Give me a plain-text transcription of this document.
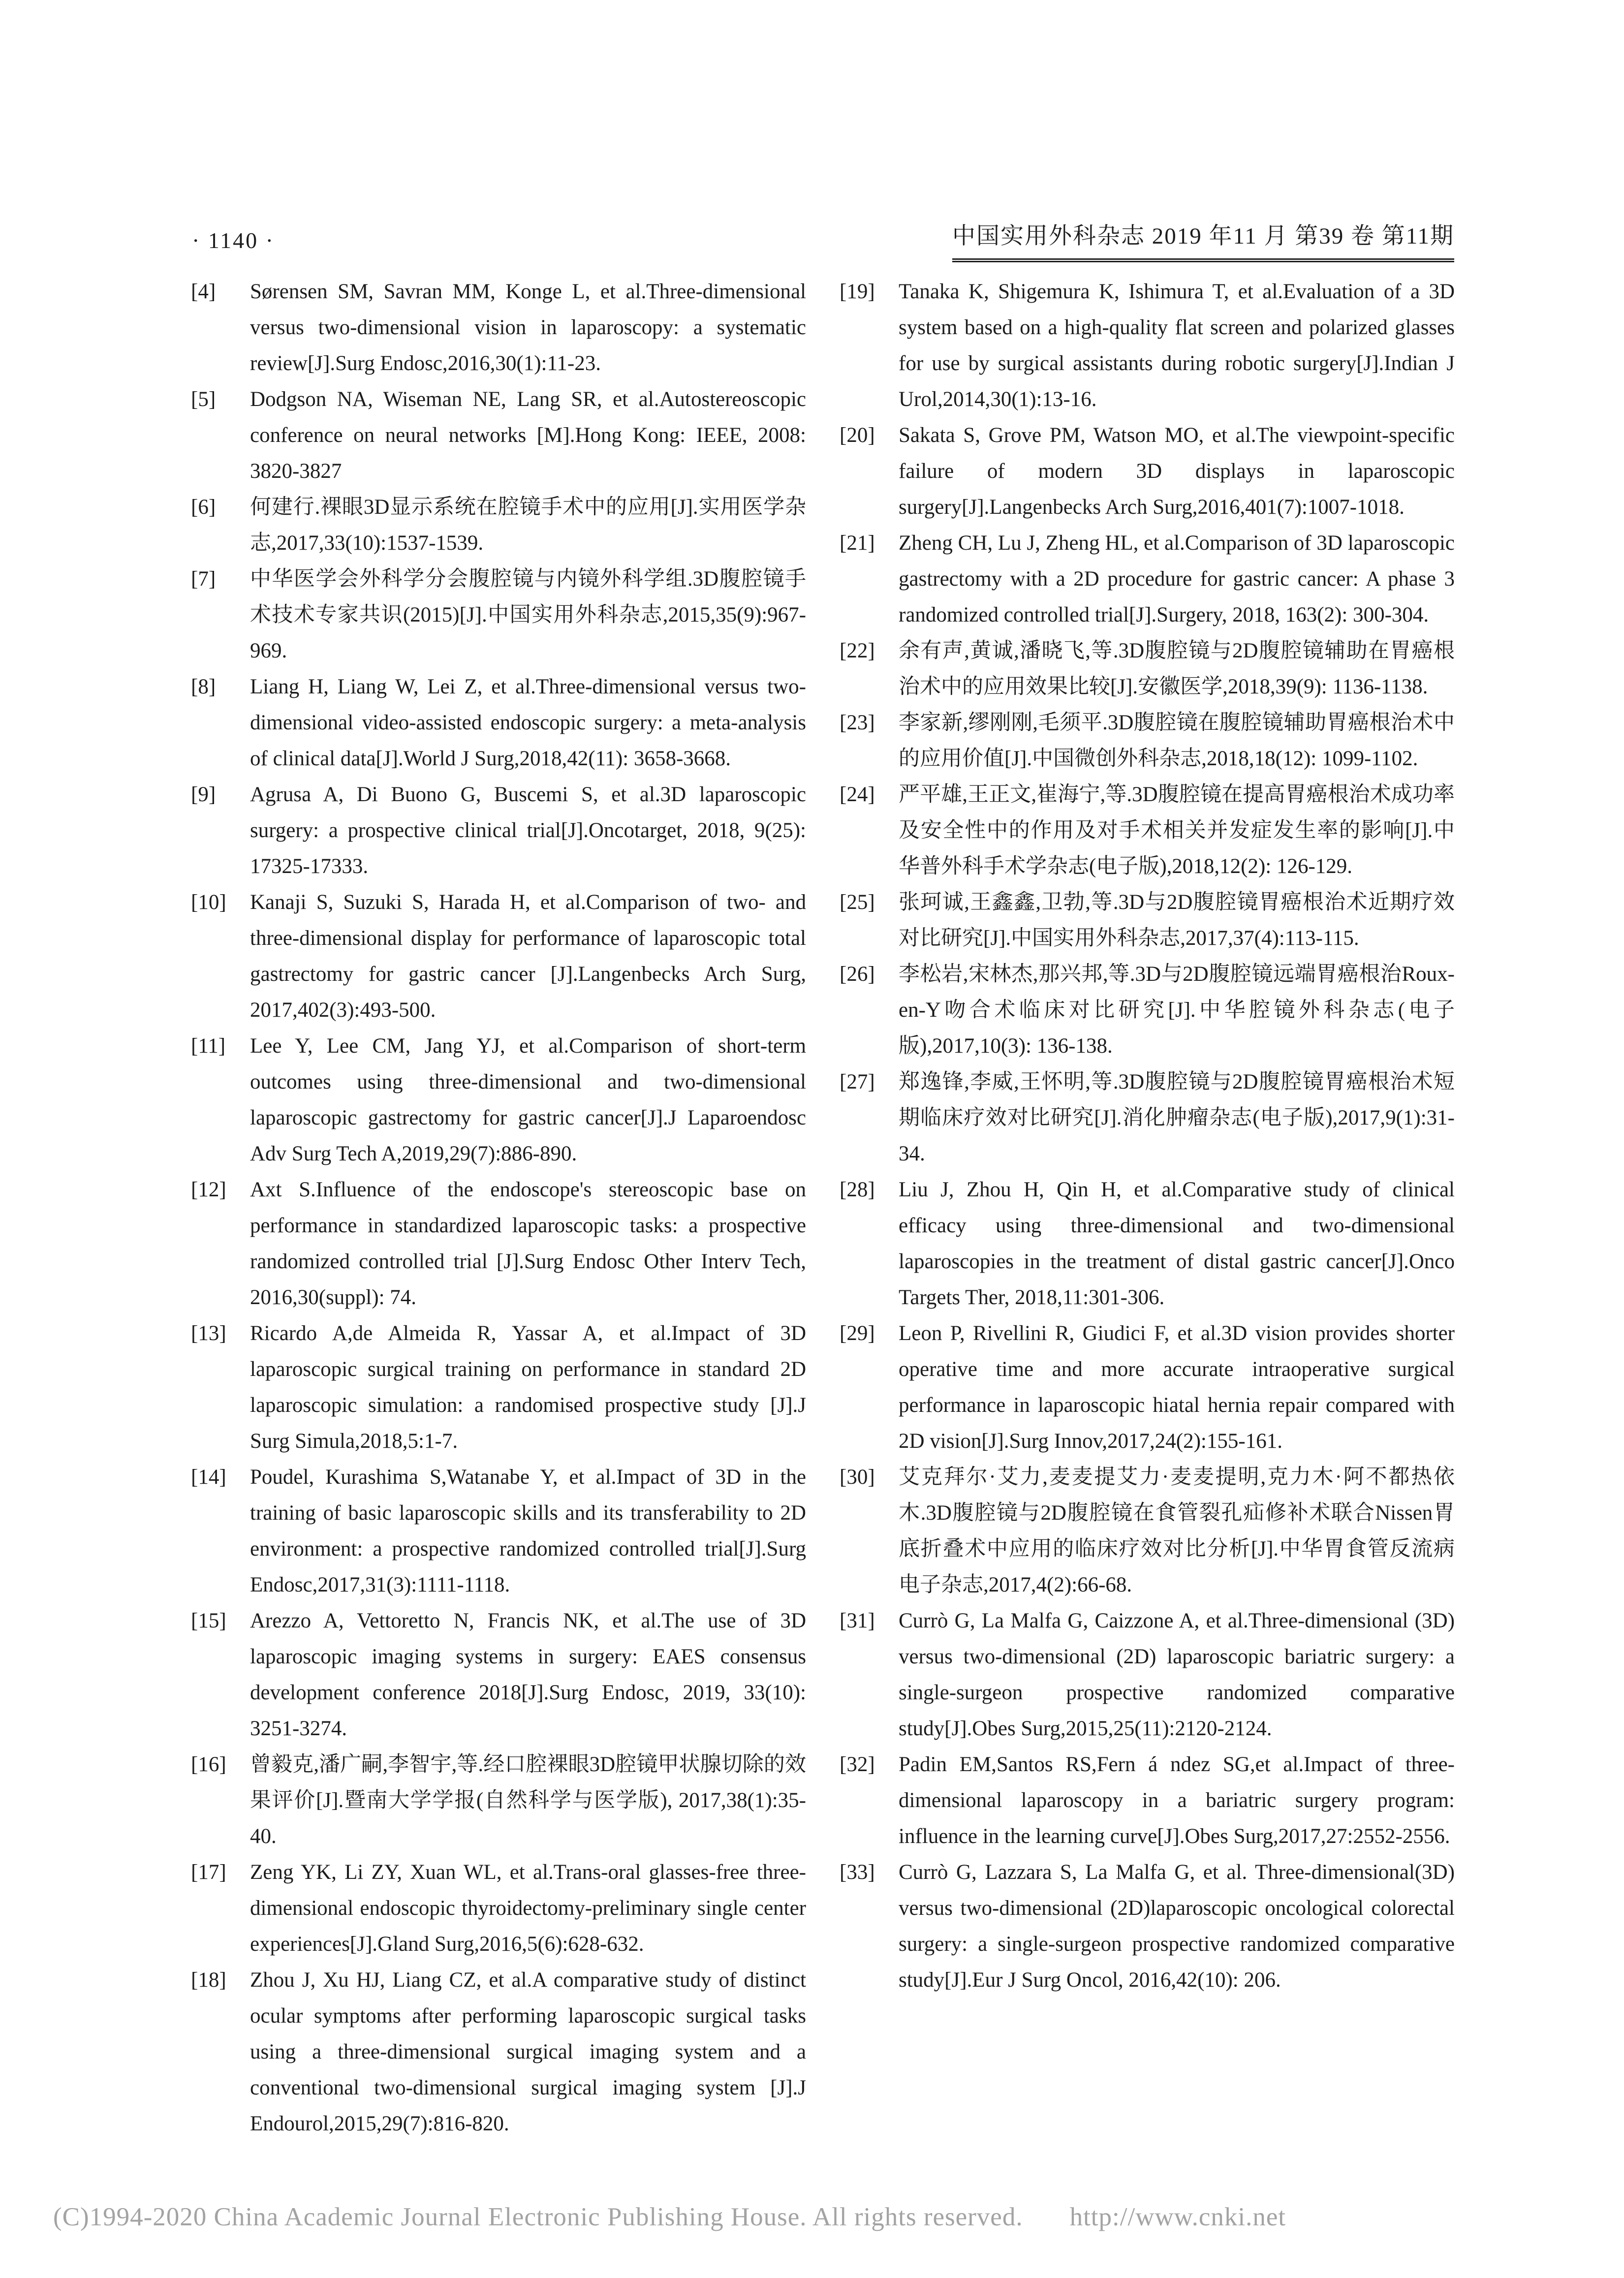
· 1140 ·	中国实用外科杂志 2019 年11 月 第39 卷 第11期
[4]	Sørensen SM, Savran MM, Konge L, et al.Three-dimensional versus two-dimensional vision in laparoscopy: a systematic review[J].Surg Endosc,2016,30(1):11-23.
[5]	Dodgson NA, Wiseman NE, Lang SR, et al.Autostereoscopic conference on neural networks [M].Hong Kong: IEEE, 2008: 3820-3827
[6]	何建行.裸眼3D显示系统在腔镜手术中的应用[J].实用医学杂志,2017,33(10):1537-1539.
[7]	中华医学会外科学分会腹腔镜与内镜外科学组.3D腹腔镜手术技术专家共识(2015)[J].中国实用外科杂志,2015,35(9):967-969.
[8]	Liang H, Liang W, Lei Z, et al.Three-dimensional versus two-dimensional video-assisted endoscopic surgery: a meta-analysis of clinical data[J].World J Surg,2018,42(11): 3658-3668.
[9]	Agrusa A, Di Buono G, Buscemi S, et al.3D laparoscopic surgery: a prospective clinical trial[J].Oncotarget, 2018, 9(25): 17325-17333.
[10]	Kanaji S, Suzuki S, Harada H, et al.Comparison of two- and three-dimensional display for performance of laparoscopic total gastrectomy for gastric cancer [J].Langenbecks Arch Surg, 2017,402(3):493-500.
[11]	Lee Y, Lee CM, Jang YJ, et al.Comparison of short-term outcomes using three-dimensional and two-dimensional laparoscopic gastrectomy for gastric cancer[J].J Laparoendosc Adv Surg Tech A,2019,29(7):886-890.
[12]	Axt S.Influence of the endoscope's stereoscopic base on performance in standardized laparoscopic tasks: a prospective randomized controlled trial [J].Surg Endosc Other Interv Tech, 2016,30(suppl): 74.
[13]	Ricardo A,de Almeida R, Yassar A, et al.Impact of 3D laparoscopic surgical training on performance in standard 2D laparoscopic simulation: a randomised prospective study [J].J Surg Simula,2018,5:1-7.
[14]	Poudel, Kurashima S,Watanabe Y, et al.Impact of 3D in the training of basic laparoscopic skills and its transferability to 2D environment: a prospective randomized controlled trial[J].Surg Endosc,2017,31(3):1111-1118.
[15]	Arezzo A, Vettoretto N, Francis NK, et al.The use of 3D laparoscopic imaging systems in surgery: EAES consensus development conference 2018[J].Surg Endosc, 2019, 33(10): 3251-3274.
[16]	曾毅克,潘广嗣,李智宇,等.经口腔裸眼3D腔镜甲状腺切除的效果评价[J].暨南大学学报(自然科学与医学版), 2017,38(1):35-40.
[17]	Zeng YK, Li ZY, Xuan WL, et al.Trans-oral glasses-free three-dimensional endoscopic thyroidectomy-preliminary single center experiences[J].Gland Surg,2016,5(6):628-632.
[18]	Zhou J, Xu HJ, Liang CZ, et al.A comparative study of distinct ocular symptoms after performing laparoscopic surgical tasks using a three-dimensional surgical imaging system and a conventional two-dimensional surgical imaging system [J].J Endourol,2015,29(7):816-820.
[19]	Tanaka K, Shigemura K, Ishimura T, et al.Evaluation of a 3D system based on a high-quality flat screen and polarized glasses for use by surgical assistants during robotic surgery[J].Indian J Urol,2014,30(1):13-16.
[20]	Sakata S, Grove PM, Watson MO, et al.The viewpoint-specific failure of modern 3D displays in laparoscopic surgery[J].Langenbecks Arch Surg,2016,401(7):1007-1018.
[21]	Zheng CH, Lu J, Zheng HL, et al.Comparison of 3D laparoscopic gastrectomy with a 2D procedure for gastric cancer: A phase 3 randomized controlled trial[J].Surgery, 2018, 163(2): 300-304.
[22]	余有声,黄诚,潘晓飞,等.3D腹腔镜与2D腹腔镜辅助在胃癌根治术中的应用效果比较[J].安徽医学,2018,39(9): 1136-1138.
[23]	李家新,缪刚刚,毛须平.3D腹腔镜在腹腔镜辅助胃癌根治术中的应用价值[J].中国微创外科杂志,2018,18(12): 1099-1102.
[24]	严平雄,王正文,崔海宁,等.3D腹腔镜在提高胃癌根治术成功率及安全性中的作用及对手术相关并发症发生率的影响[J].中华普外科手术学杂志(电子版),2018,12(2): 126-129.
[25]	张珂诚,王鑫鑫,卫勃,等.3D与2D腹腔镜胃癌根治术近期疗效对比研究[J].中国实用外科杂志,2017,37(4):113-115.
[26]	李松岩,宋林杰,那兴邦,等.3D与2D腹腔镜远端胃癌根治Roux-en-Y吻合术临床对比研究[J].中华腔镜外科杂志(电子版),2017,10(3): 136-138.
[27]	郑逸锋,李威,王怀明,等.3D腹腔镜与2D腹腔镜胃癌根治术短期临床疗效对比研究[J].消化肿瘤杂志(电子版),2017,9(1):31-34.
[28]	Liu J, Zhou H, Qin H, et al.Comparative study of clinical efficacy using three-dimensional and two-dimensional laparoscopies in the treatment of distal gastric cancer[J].Onco Targets Ther, 2018,11:301-306.
[29]	Leon P, Rivellini R, Giudici F, et al.3D vision provides shorter operative time and more accurate intraoperative surgical performance in laparoscopic hiatal hernia repair compared with 2D vision[J].Surg Innov,2017,24(2):155-161.
[30]	艾克拜尔·艾力,麦麦提艾力·麦麦提明,克力木·阿不都热依木.3D腹腔镜与2D腹腔镜在食管裂孔疝修补术联合Nissen胃底折叠术中应用的临床疗效对比分析[J].中华胃食管反流病电子杂志,2017,4(2):66-68.
[31]	Currò G, La Malfa G, Caizzone A, et al.Three-dimensional (3D) versus two-dimensional (2D) laparoscopic bariatric surgery: a single-surgeon prospective randomized comparative study[J].Obes Surg,2015,25(11):2120-2124.
[32]	Padin EM,Santos RS,Fern á ndez SG,et al.Impact of three-dimensional laparoscopy in a bariatric surgery program: influence in the learning curve[J].Obes Surg,2017,27:2552-2556.
[33]	Currò G, Lazzara S, La Malfa G, et al. Three-dimensional(3D) versus two-dimensional (2D)laparoscopic oncological colorectal surgery: a single-surgeon prospective randomized comparative study[J].Eur J Surg Oncol, 2016,42(10): 206.
(C)1994-2020 China Academic Journal Electronic Publishing House. All rights reserved. http://www.cnki.net
